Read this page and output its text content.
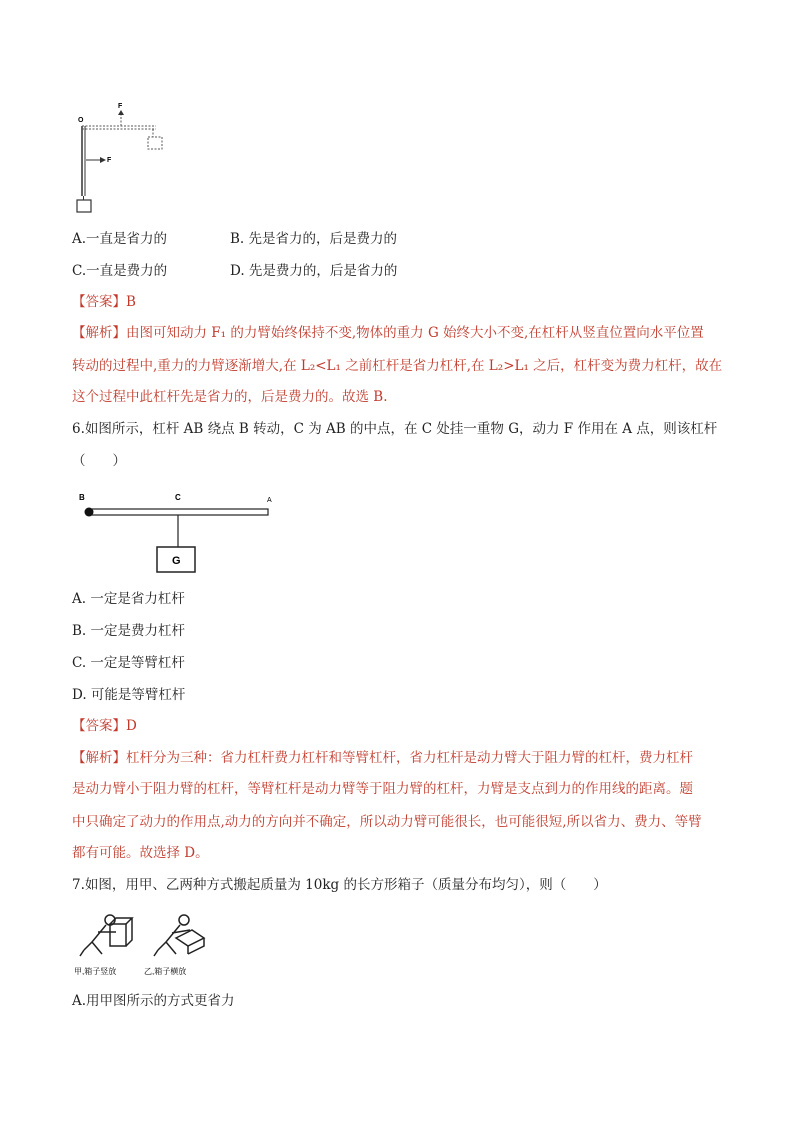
O
F
F
A.一直是省力的	B. 先是省力的，后是费力的
C.一直是费力的	D. 先是费力的，后是省力的
【答案】B
【解析】由图可知动力 F₁ 的力臂始终保持不变,物体的重力 G 始终大小不变,在杠杆从竖直位置向水平位置
转动的过程中,重力的力臂逐渐增大,在 L₂<L₁ 之前杠杆是省力杠杆,在 L₂>L₁ 之后，杠杆变为费力杠杆，故在
这个过程中此杠杆先是省力的，后是费力的。故选 B.
6.如图所示，杠杆 AB 绕点 B 转动，C 为 AB 的中点，在 C 处挂一重物 G，动力 F 作用在 A 点，则该杠杆
（　　）
B	C	A
G
A. 一定是省力杠杆
B. 一定是费力杠杆
C. 一定是等臂杠杆
D. 可能是等臂杠杆
【答案】D
【解析】杠杆分为三种：省力杠杆费力杠杆和等臂杠杆，省力杠杆是动力臂大于阻力臂的杠杆，费力杠杆
是动力臂小于阻力臂的杠杆，等臂杠杆是动力臂等于阻力臂的杠杆，力臂是支点到力的作用线的距离。题
中只确定了动力的作用点,动力的方向并不确定，所以动力臂可能很长，也可能很短,所以省力、费力、等臂
都有可能。故选择 D。
7.如图，用甲、乙两种方式搬起质量为 10kg 的长方形箱子（质量分布均匀），则（　　）
甲,箱子竖放	乙,箱子横放
A.用甲图所示的方式更省力
